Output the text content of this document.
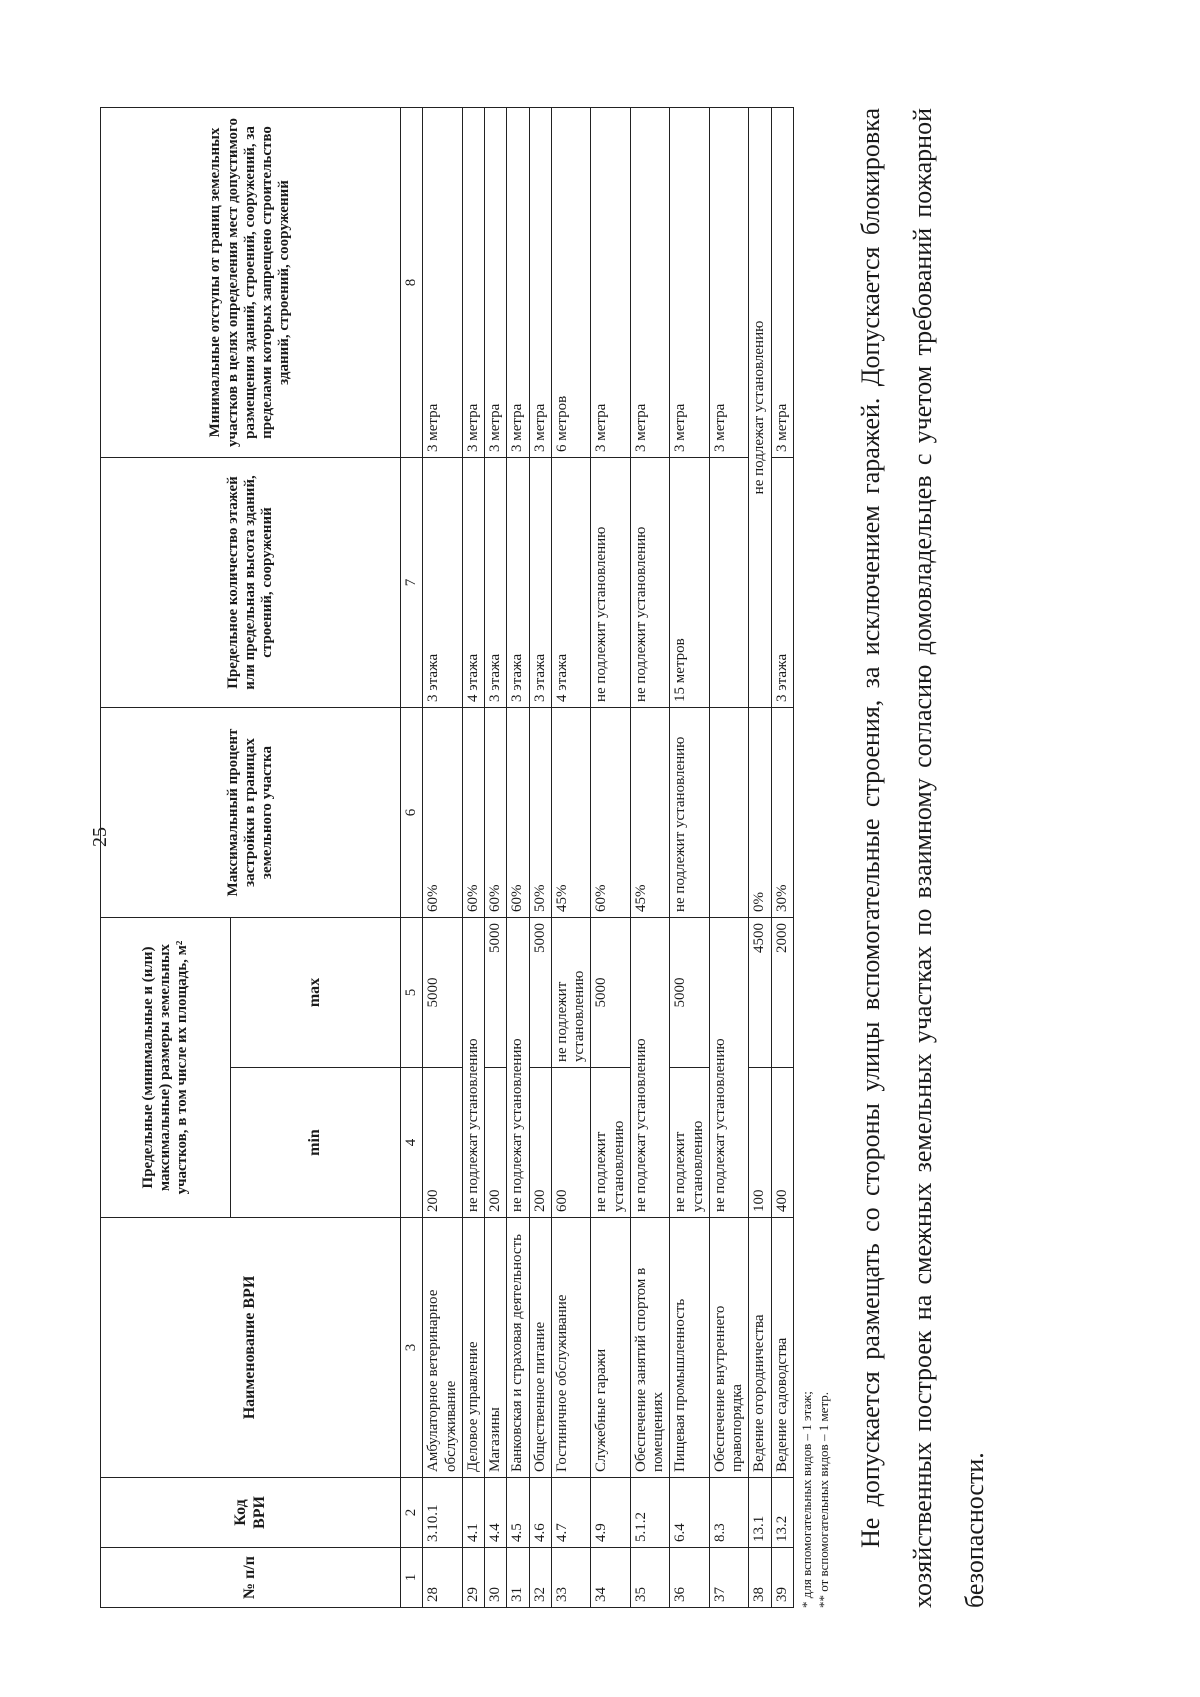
25
№ п/п	Код ВРИ	Наименование ВРИ	Предельные (минимальные и (или) максимальные) размеры земельных участков, в том числе их площадь, м²		Максимальный процент застройки в границах земельного участка	Предельное количество этажей или предельная высота зданий, строений, сооружений	Минимальные отступы от границ земельных участков в целях определения мест допустимого размещения зданий, строений, сооружений, за пределами которых запрещено строительство зданий, строений, сооружений
			min	max			
1	2	3	4	5	6	7	8
28	3.10.1	Амбулаторное ветеринарное обслуживание	200	5000	60%	3 этажа	3 метра
29	4.1	Деловое управление	не подлежат установлению		60%	4 этажа	3 метра
30	4.4	Магазины	200	5000	60%	3 этажа	3 метра
31	4.5	Банковская и страховая деятельность	не подлежат установлению		60%	3 этажа	3 метра
32	4.6	Общественное питание	200	5000	50%	3 этажа	3 метра
33	4.7	Гостиничное обслуживание	600	не подлежит установлению	45%	4 этажа	6 метров
34	4.9	Служебные гаражи	не подлежит установлению	5000	60%	не подлежит установлению	3 метра
35	5.1.2	Обеспечение занятий спортом в помещениях	не подлежат установлению		45%	не подлежит установлению	3 метра
36	6.4	Пищевая промышленность	не подлежит установлению	5000	не подлежит установлению	15 метров	3 метра
37	8.3	Обеспечение внутреннего правопорядка	не подлежат установлению				3 метра
38	13.1	Ведение огородничества	100	4500	0%	не подлежат установлению	
39	13.2	Ведение садоводства	400	2000	30%	3 этажа	3 метра
* для вспомогательных видов – 1 этаж; ** от вспомогательных видов – 1 метр. Не допускается размещать со стороны улицы вспомогательные строения, за исключением гаражей. Допускается блокировка хозяйственных построек на смежных земельных участках по взаимному согласию домовладельцев с учетом требований пожарной безопасности.
